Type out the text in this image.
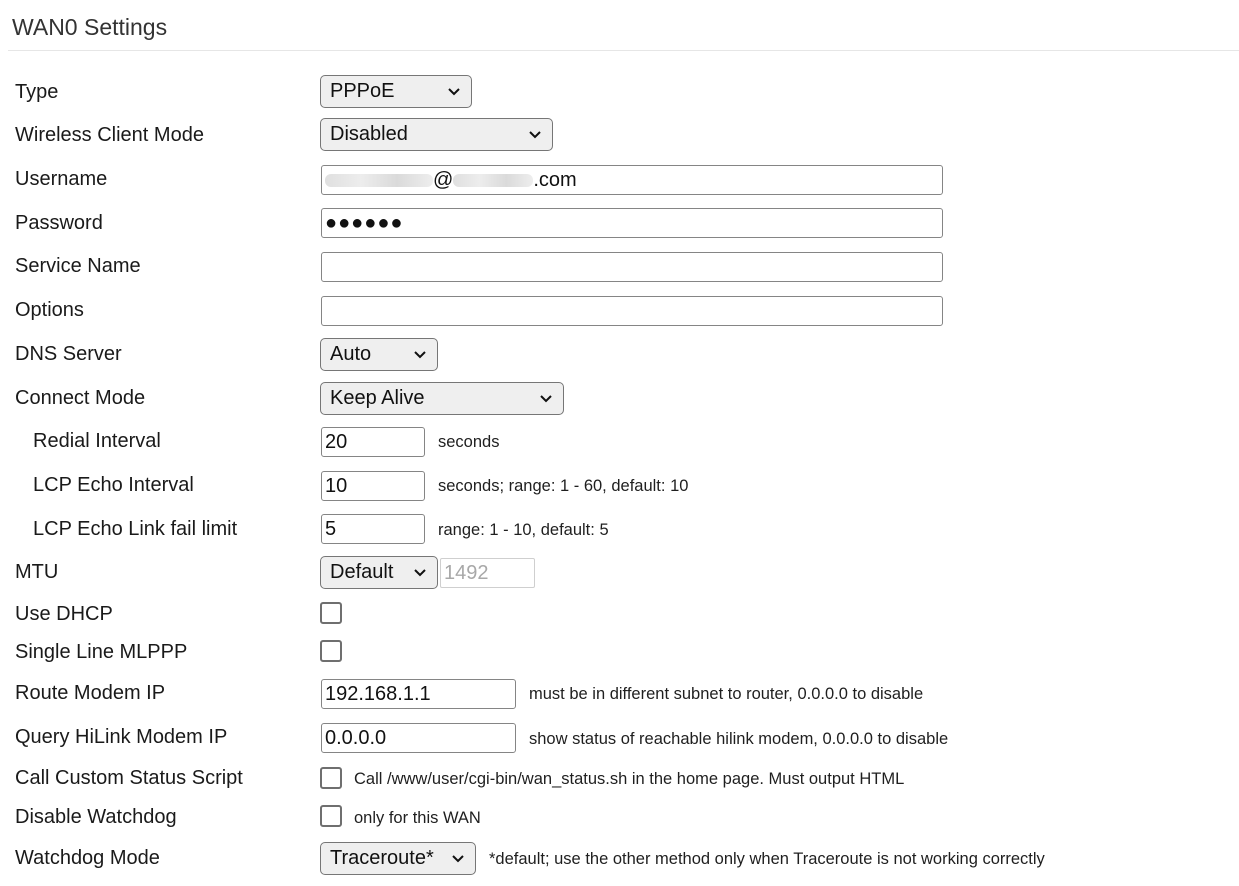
WAN0 Settings
Type	PPPoE
Wireless Client Mode	Disabled
Username	@	.com
Password	●●●●●●
Service Name
Options
DNS Server	Auto
Connect Mode	Keep Alive
Redial Interval	20	seconds
LCP Echo Interval	10	seconds; range: 1 - 60, default: 10
LCP Echo Link fail limit	5	range: 1 - 10, default: 5
MTU	Default	1492
Use DHCP
Single Line MLPPP
Route Modem IP	192.168.1.1	must be in different subnet to router, 0.0.0.0 to disable
Query HiLink Modem IP	0.0.0.0	show status of reachable hilink modem, 0.0.0.0 to disable
Call Custom Status Script	Call /www/user/cgi-bin/wan_status.sh in the home page. Must output HTML
Disable Watchdog	only for this WAN
Watchdog Mode	Traceroute*	*default; use the other method only when Traceroute is not working correctly
